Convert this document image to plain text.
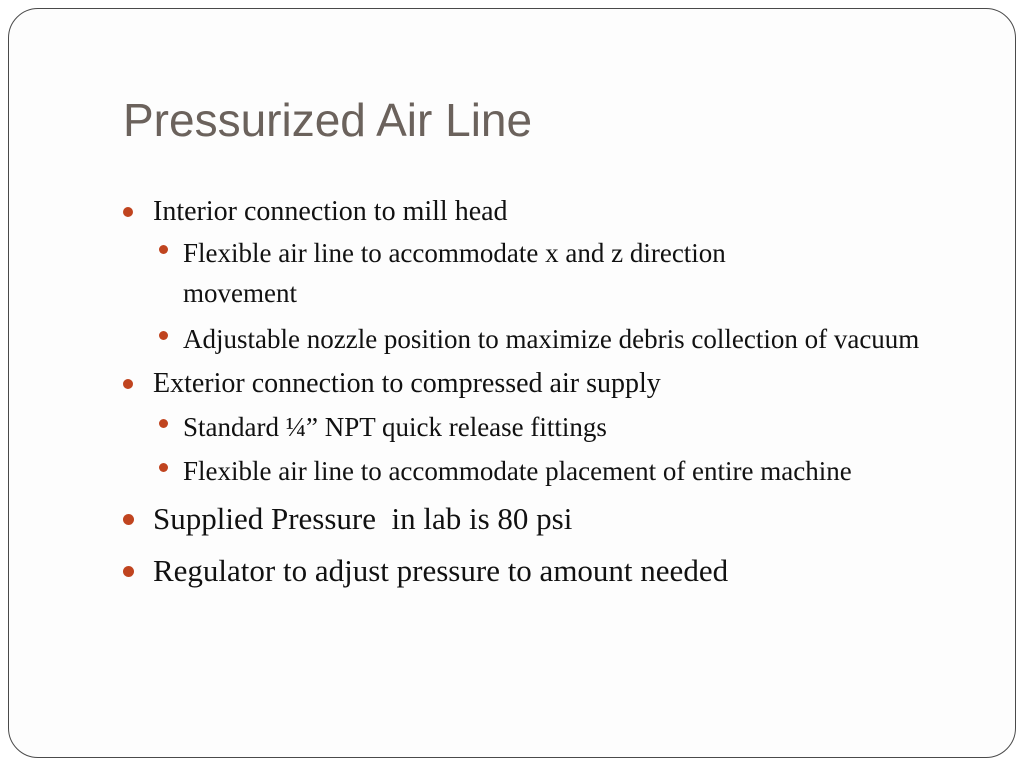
Pressurized Air Line
Interior connection to mill head
Flexible air line to accommodate x and z direction movement
Adjustable nozzle position to maximize debris collection of vacuum
Exterior connection to compressed air supply
Standard ¼” NPT quick release fittings
Flexible air line to accommodate placement of entire machine
Supplied Pressure  in lab is 80 psi
Regulator to adjust pressure to amount needed
